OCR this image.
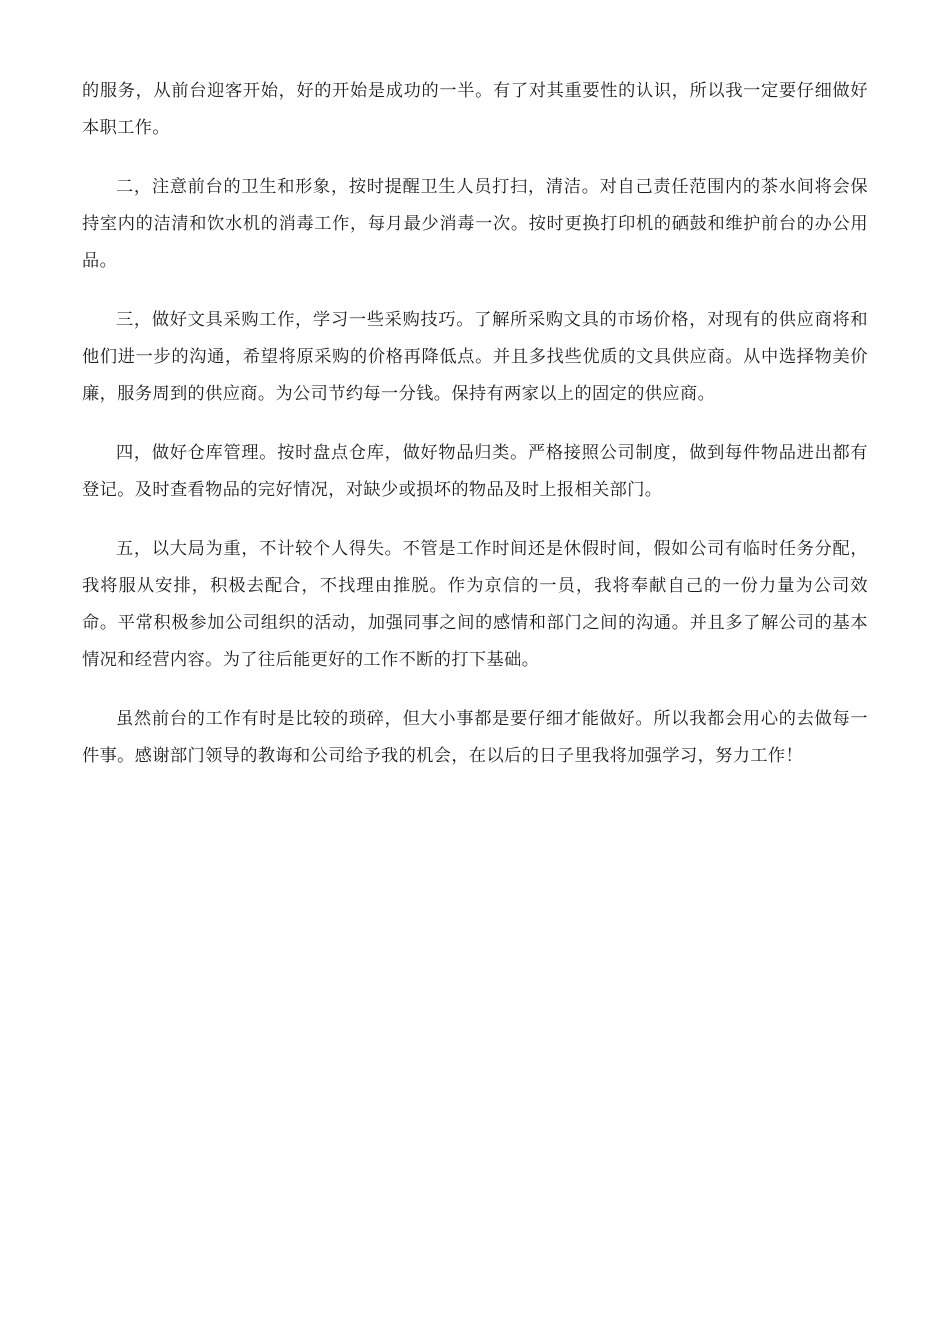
的服务，从前台迎客开始，好的开始是成功的一半。有了对其重要性的认识，所以我一定要仔细做好本职工作。

二，注意前台的卫生和形象，按时提醒卫生人员打扫，清洁。对自己责任范围内的茶水间将会保持室内的洁清和饮水机的消毒工作，每月最少消毒一次。按时更换打印机的硒鼓和维护前台的办公用品。

三，做好文具采购工作，学习一些采购技巧。了解所采购文具的市场价格，对现有的供应商将和他们进一步的沟通，希望将原采购的价格再降低点。并且多找些优质的文具供应商。从中选择物美价廉，服务周到的供应商。为公司节约每一分钱。保持有两家以上的固定的供应商。

四，做好仓库管理。按时盘点仓库，做好物品归类。严格接照公司制度，做到每件物品进出都有登记。及时查看物品的完好情况，对缺少或损坏的物品及时上报相关部门。

五，以大局为重，不计较个人得失。不管是工作时间还是休假时间，假如公司有临时任务分配，我将服从安排，积极去配合，不找理由推脱。作为京信的一员，我将奉献自己的一份力量为公司效命。平常积极参加公司组织的活动，加强同事之间的感情和部门之间的沟通。并且多了解公司的基本情况和经营内容。为了往后能更好的工作不断的打下基础。

虽然前台的工作有时是比较的琐碎，但大小事都是要仔细才能做好。所以我都会用心的去做每一件事。感谢部门领导的教诲和公司给予我的机会，在以后的日子里我将加强学习，努力工作！
